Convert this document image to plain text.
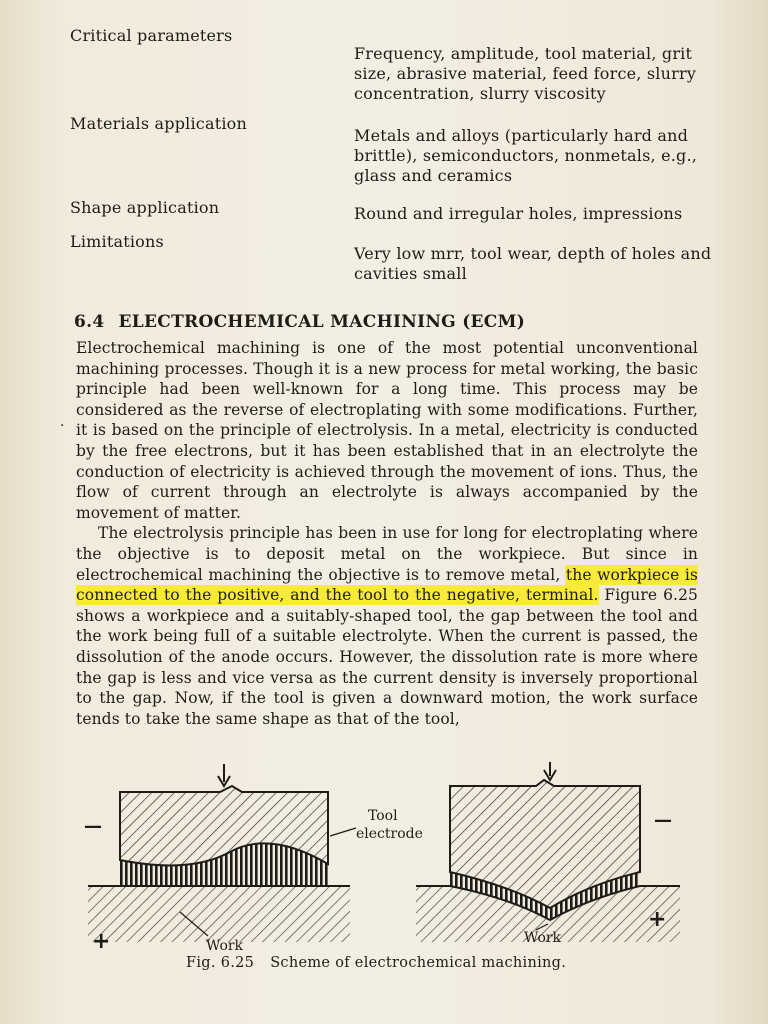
Critical parameters
Frequency, amplitude, tool material, grit size, abrasive material, feed force, slurry concentration, slurry viscosity
Materials application
Metals and alloys (particularly hard and brittle), semiconductors, nonmetals, e.g., glass and ceramics
Shape application	Round and irregular holes, impressions
Limitations
Very low mrr, tool wear, depth of holes and cavities small
6.4 ELECTROCHEMICAL MACHINING (ECM)
·

Electrochemical machining is one of the most potential unconventional machining processes. Though it is a new process for metal working, the basic principle had been well-known for a long time. This process may be considered as the reverse of electroplating with some modifications. Further, it is based on the principle of electrolysis. In a metal, electricity is conducted by the free electrons, but it has been established that in an electrolyte the conduction of electricity is achieved through the movement of ions. Thus, the flow of current through an electrolyte is always accompanied by the movement of matter.

The electrolysis principle has been in use for long for electroplating where the objective is to deposit metal on the workpiece. But since in electrochemical machining the objective is to remove metal, the workpiece is connected to the positive, and the tool to the negative, terminal. Figure 6.25 shows a workpiece and a suitably-shaped tool, the gap between the tool and the work being full of a suitable electrolyte. When the current is passed, the dissolution of the anode occurs. However, the dissolution rate is more where the gap is less and vice versa as the current density is inversely proportional to the gap. Now, if the tool is given a downward motion, the work surface tends to take the same shape as that of the tool,

Tool
electrode
—
+
—
+
Work	Work
Fig. 6.25 Scheme of electrochemical machining.
